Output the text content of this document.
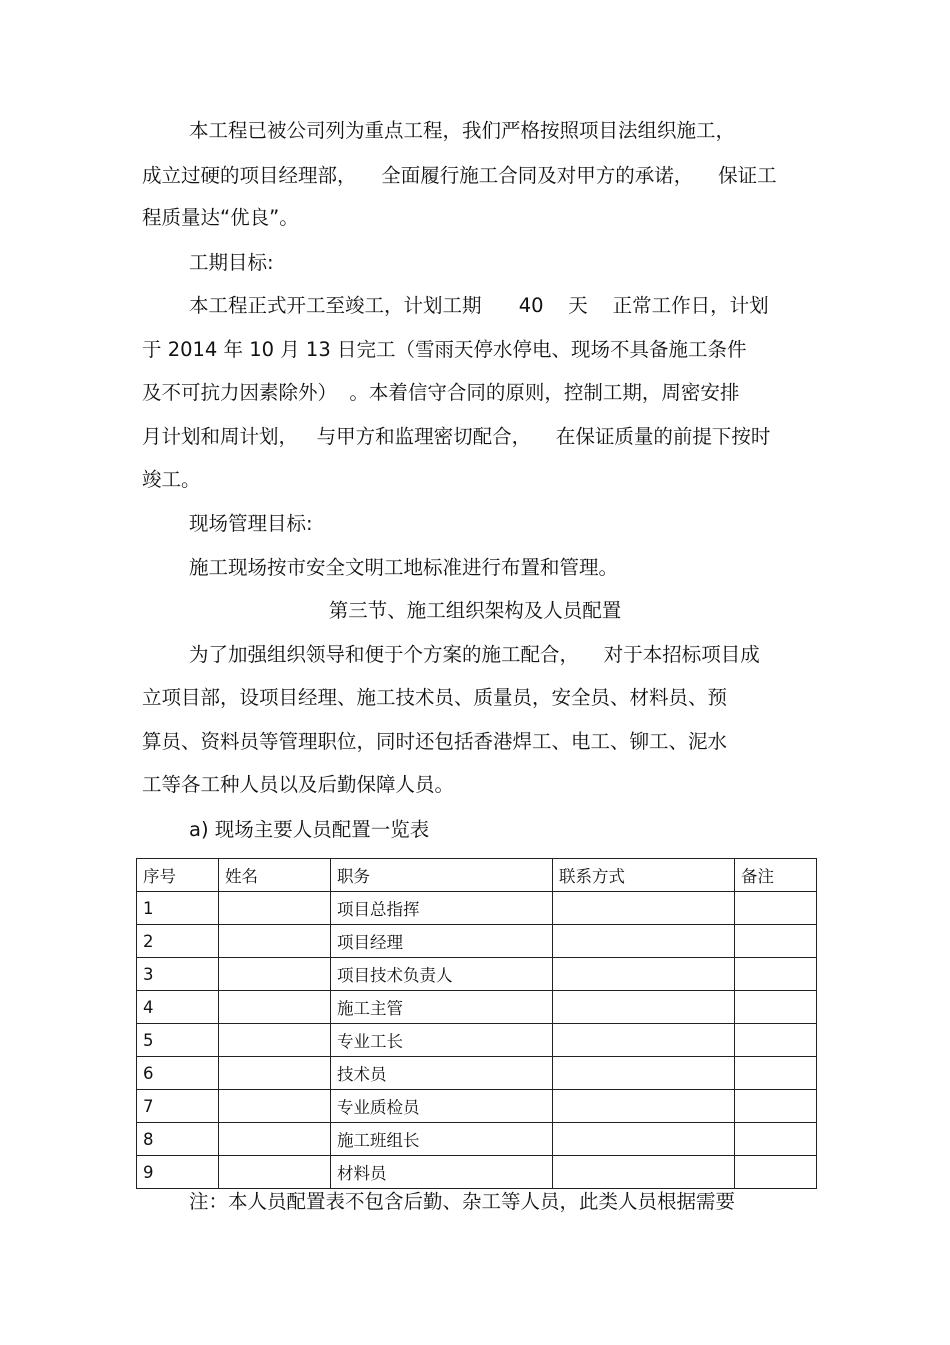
本工程已被公司列为重点工程，我们严格按照项目法组织施工，
成立过硬的项目经理部，    全面履行施工合同及对甲方的承诺，    保证工
程质量达“优良”。
工期目标:
本工程正式开工至竣工，计划工期      40    天    正常工作日，计划
于 2014 年 10 月 13 日完工（雪雨天停水停电、现场不具备施工条件
及不可抗力因素除外）  。本着信守合同的原则，控制工期，周密安排
月计划和周计划，   与甲方和监理密切配合，    在保证质量的前提下按时
竣工。
现场管理目标:
施工现场按市安全文明工地标准进行布置和管理。
第三节、施工组织架构及人员配置
为了加强组织领导和便于个方案的施工配合，    对于本招标项目成
立项目部，设项目经理、施工技术员、质量员，安全员、材料员、预
算员、资料员等管理职位，同时还包括香港焊工、电工、铆工、泥水
工等各工种人员以及后勤保障人员。
a) 现场主要人员配置一览表
序号	姓名	职务	联系方式	备注
1		项目总指挥		
2		项目经理		
3		项目技术负责人		
4		施工主管		
5		专业工长		
6		技术员		
7		专业质检员		
8		施工班组长		
9		材料员		
注：本人员配置表不包含后勤、杂工等人员，此类人员根据需要
